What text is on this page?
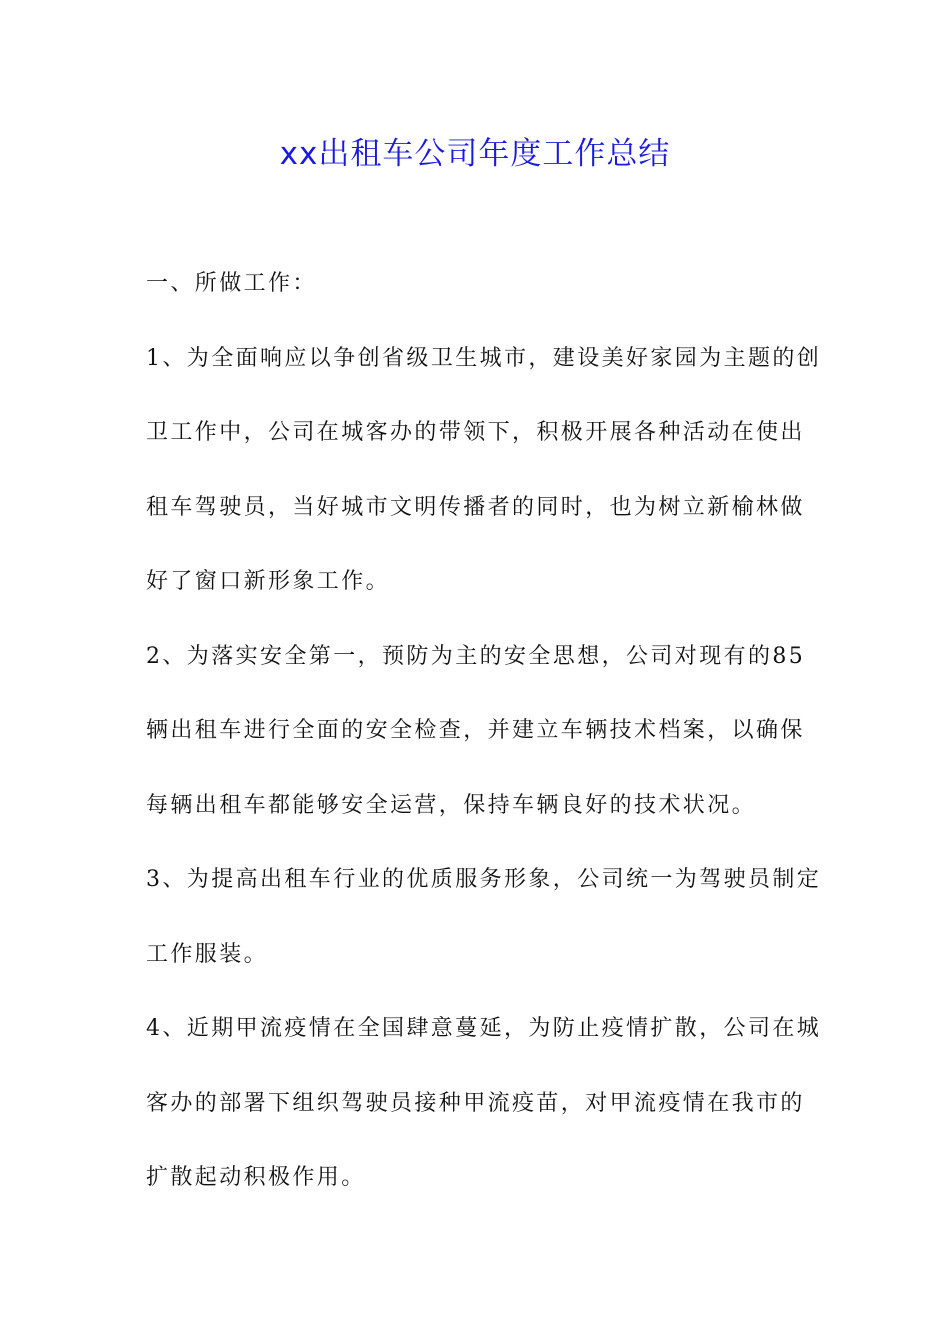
xx出租车公司年度工作总结

一、所做工作：

1、为全面响应以争创省级卫生城市，建设美好家园为主题的创

卫工作中，公司在城客办的带领下，积极开展各种活动在使出

租车驾驶员，当好城市文明传播者的同时，也为树立新榆林做

好了窗口新形象工作。

2、为落实安全第一，预防为主的安全思想，公司对现有的85

辆出租车进行全面的安全检查，并建立车辆技术档案，以确保

每辆出租车都能够安全运营，保持车辆良好的技术状况。

3、为提高出租车行业的优质服务形象，公司统一为驾驶员制定

工作服装。

4、近期甲流疫情在全国肆意蔓延，为防止疫情扩散，公司在城

客办的部署下组织驾驶员接种甲流疫苗，对甲流疫情在我市的

扩散起动积极作用。
